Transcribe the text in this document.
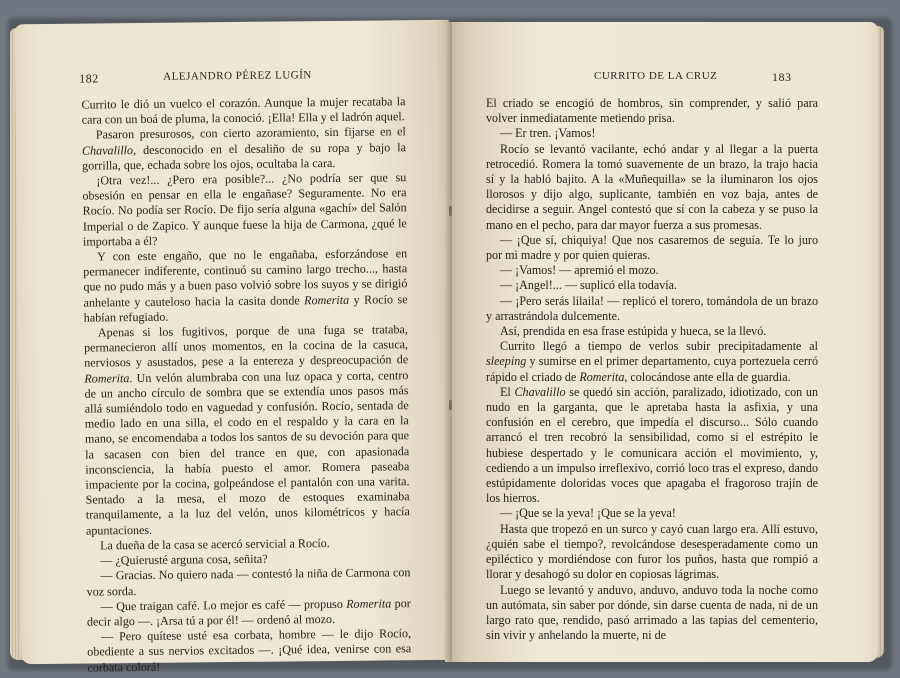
182	ALEJANDRO PÉREZ LUGÍN

Currito le dió un vuelco el corazón. Aunque la mujer recataba la cara con un boá de pluma, la conoció. ¡Ella! Ella y el ladrón aquel.

Pasaron presurosos, con cierto azoramiento, sin fijarse en el Chavalillo, desconocido en el desaliño de su ropa y bajo la gorrilla, que, echada sobre los ojos, ocultaba la cara.

¡Otra vez!... ¿Pero era posible?... ¿No podría ser que su obsesión en pensar en ella le engañase? Seguramente. No era Rocío. No podía ser Rocío. De fijo sería alguna «gachí» del Salón Imperial o de Zapico. Y aunque fuese la hija de Carmona, ¿qué le importaba a él?

Y con este engaño, que no le engañaba, esforzándose en permanecer indiferente, continuó su camino largo trecho..., hasta que no pudo más y a buen paso volvió sobre los suyos y se dirigió anhelante y cauteloso hacia la casita donde Romerita y Rocío se habían refugiado.

Apenas si los fugitivos, porque de una fuga se trataba, permanecieron allí unos momentos, en la cocina de la casuca, nerviosos y asustados, pese a la entereza y despreocupación de Romerita. Un velón alumbraba con una luz opaca y corta, centro de un ancho círculo de sombra que se extendía unos pasos más allá sumiéndolo todo en vaguedad y confusión. Rocío, sentada de medio lado en una silla, el codo en el respaldo y la cara en la mano, se encomendaba a todos los santos de su devoción para que la sacasen con bien del trance en que, con apasionada inconsciencia, la había puesto el amor. Romera paseaba impaciente por la cocina, golpeándose el pantalón con una varita. Sentado a la mesa, el mozo de estoques examinaba tranquilamente, a la luz del velón, unos kilométricos y hacía apuntaciones.

La dueña de la casa se acercó servicial a Rocío.

— ¿Quierusté arguna cosa, señita?

— Gracias. No quiero nada — contestó la niña de Carmona con voz sorda.

— Que traigan café. Lo mejor es café — propuso Romerita por decir algo —. ¡Arsa tú a por él! — ordenó al mozo.

— Pero quítese usté esa corbata, hombre — le dijo Rocío, obediente a sus nervios excitados —. ¡Qué idea, venirse con esa corbata colorá!

CURRITO DE LA CRUZ	183

El criado se encogió de hombros, sin comprender, y salió para volver inmediatamente metiendo prisa.

— Er tren. ¡Vamos!

Rocío se levantó vacilante, echó andar y al llegar a la puerta retrocedió. Romera la tomó suavemente de un brazo, la trajo hacia sí y la habló bajito. A la «Muñequilla» se la iluminaron los ojos llorosos y dijo algo, suplicante, también en voz baja, antes de decidirse a seguir. Angel contestó que sí con la cabeza y se puso la mano en el pecho, para dar mayor fuerza a sus promesas.

— ¡Que sí, chiquiya! Que nos casaremos de seguía. Te lo juro por mi madre y por quien quieras.

— ¡Vamos! — apremió el mozo.

— ¡Angel!... — suplicó ella todavía.

— ¡Pero serás lilaila! — replicó el torero, tomándola de un brazo y arrastrándola dulcemente.

Así, prendida en esa frase estúpida y hueca, se la llevó.

Currito llegó a tiempo de verlos subir precipitadamente al sleeping y sumirse en el primer departamento, cuya portezuela cerró rápido el criado de Romerita, colocándose ante ella de guardia.

El Chavalillo se quedó sin acción, paralizado, idiotizado, con un nudo en la garganta, que le apretaba hasta la asfixia, y una confusión en el cerebro, que impedía el discurso... Sólo cuando arrancó el tren recobró la sensibilidad, como si el estrépito le hubiese despertado y le comunicara acción el movimiento, y, cediendo a un impulso irreflexivo, corrió loco tras el expreso, dando estúpidamente doloridas voces que apagaba el fragoroso trajín de los hierros.

— ¡Que se la yeva! ¡Que se la yeva!

Hasta que tropezó en un surco y cayó cuan largo era. Allí estuvo, ¿quién sabe el tiempo?, revolcándose desesperadamente como un epiléctico y mordiéndose con furor los puños, hasta que rompió a llorar y desahogó su dolor en copiosas lágrimas.

Luego se levantó y anduvo, anduvo, anduvo toda la noche como un autómata, sin saber por dónde, sin darse cuenta de nada, ni de un largo rato que, rendido, pasó arrimado a las tapias del cementerio, sin vivir y anhelando la muerte, ni de
